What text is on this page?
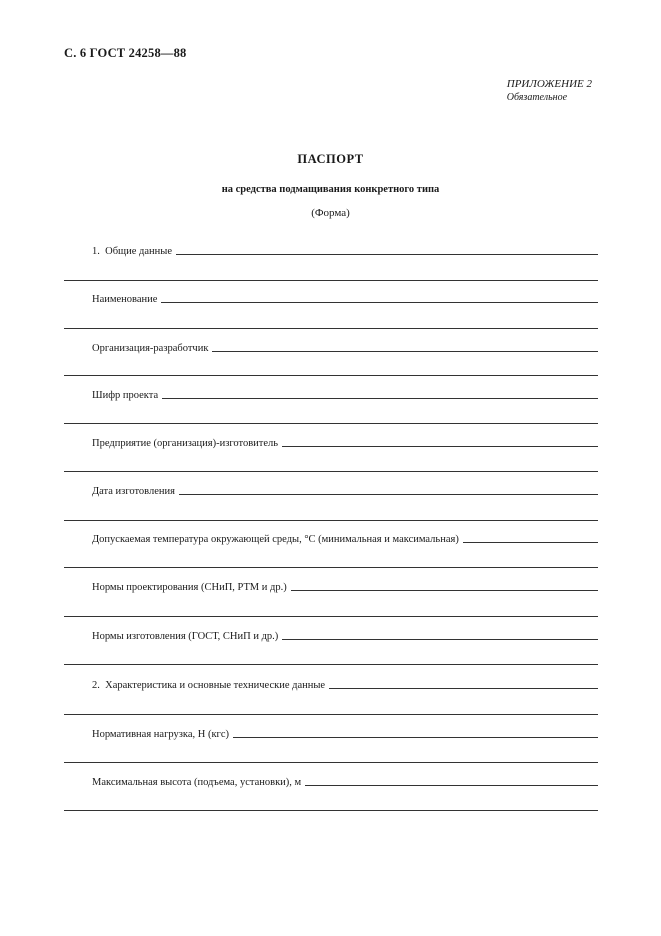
С. 6 ГОСТ 24258—88
ПРИЛОЖЕНИЕ 2
Обязательное
ПАСПОРТ
на средства подмащивания конкретного типа
(Форма)
1.  Общие данные
Наименование
Организация-разработчик
Шифр проекта
Предприятие (организация)-изготовитель
Дата изготовления
Допускаемая температура окружающей среды, °С (минимальная и максимальная)
Нормы проектирования (СНиП, РТМ и др.)
Нормы изготовления (ГОСТ, СНиП и др.)
2.  Характеристика и основные технические данные
Нормативная нагрузка, Н (кгс)
Максимальная высота (подъема, установки), м
